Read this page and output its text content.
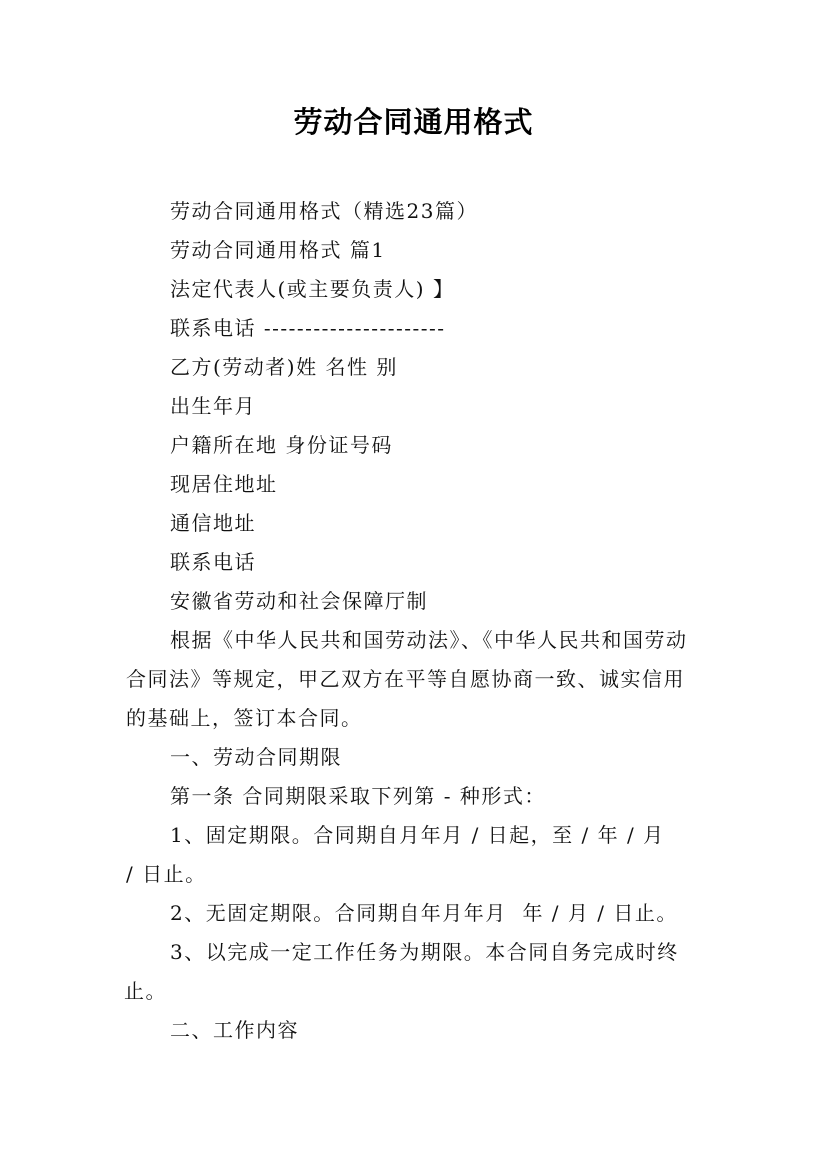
劳动合同通用格式

劳动合同通用格式（精选23篇）

劳动合同通用格式 篇1

法定代表人(或主要负责人) 】

联系电话 ----------------------

乙方(劳动者)姓 名性 别

出生年月

户籍所在地 身份证号码

现居住地址

通信地址

联系电话

安徽省劳动和社会保障厅制

根据《中华人民共和国劳动法》、《中华人民共和国劳动

合同法》等规定，甲乙双方在平等自愿协商一致、诚实信用

的基础上，签订本合同。

一、劳动合同期限

第一条 合同期限采取下列第 - 种形式：

1、固定期限。合同期自月年月 / 日起，至 / 年 / 月

/ 日止。

2、无固定期限。合同期自年月年月  年 / 月 / 日止。

3、以完成一定工作任务为期限。本合同自务完成时终

止。

二、工作内容
